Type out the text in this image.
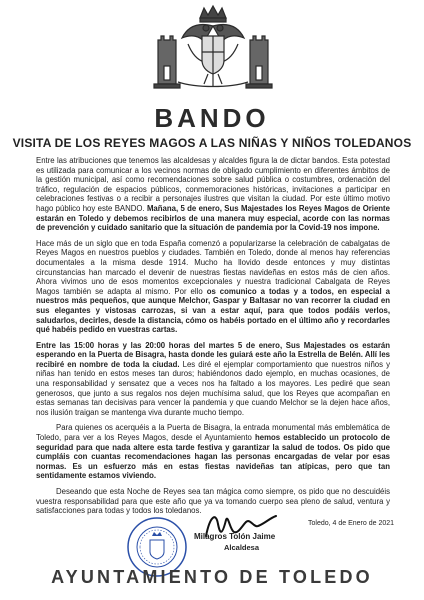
BANDO
VISITA DE LOS REYES MAGOS A LAS NIÑAS Y NIÑOS TOLEDANOS

Entre las atribuciones que tenemos las alcaldesas y alcaldes figura la de dictar bandos. Esta potestad es utilizada para comunicar a los vecinos normas de obligado cumplimiento en diferentes ámbitos de la gestión municipal, así como recomendaciones sobre salud pública o costumbres, ordenación del tráfico, regulación de espacios públicos, conmemoraciones históricas, invitaciones a participar en celebraciones festivas o a recibir a personajes ilustres que visitan la ciudad. Por este último motivo hago público hoy este BANDO. Mañana, 5 de enero, Sus Majestades los Reyes Magos de Oriente estarán en Toledo y debemos recibirlos de una manera muy especial, acorde con las normas de prevención y cuidado sanitario que la situación de pandemia por la Covid-19 nos impone.

Hace más de un siglo que en toda España comenzó a popularizarse la celebración de cabalgatas de Reyes Magos en nuestros pueblos y ciudades. También en Toledo, donde al menos hay referencias documentales a la misma desde 1914. Mucho ha llovido desde entonces y muy distintas circunstancias han marcado el devenir de nuestras fiestas navideñas en estos más de cien años. Ahora vivimos uno de esos momentos excepcionales y nuestra tradicional Cabalgata de Reyes Magos también se adapta al mismo. Por ello os comunico a todas y a todos, en especial a nuestros más pequeños, que aunque Melchor, Gaspar y Baltasar no van recorrer la ciudad en sus elegantes y vistosas carrozas, si van a estar aquí, para que todos podáis verlos, saludarlos, decirles, desde la distancia, cómo os habéis portado en el último año y recordarles qué habéis pedido en vuestras cartas.

Entre las 15:00 horas y las 20:00 horas del martes 5 de enero, Sus Majestades os estarán esperando en la Puerta de Bisagra, hasta donde les guiará este año la Estrella de Belén. Allí les recibiré en nombre de toda la ciudad. Les diré el ejemplar comportamiento que nuestros niños y niñas han tenido en estos meses tan duros; habiéndonos dado ejemplo, en muchas ocasiones, de una responsabilidad y sensatez que a veces nos ha faltado a los mayores. Les pediré que sean generosos, que junto a sus regalos nos dejen muchísima salud, que los Reyes que acompañan en estas semanas tan decisivas para vencer la pandemia y que cuando Melchor se la dejen hace años, nos ilusión traigan se mantenga viva durante mucho tiempo.

Para quienes os acerquéis a la Puerta de Bisagra, la entrada monumental más emblemática de Toledo, para ver a los Reyes Magos, desde el Ayuntamiento hemos establecido un protocolo de seguridad para que nada altere esta tarde festiva y garantizar la salud de todos. Os pido que cumpláis con cuantas recomendaciones hagan las personas encargadas de velar por esas normas. Es un esfuerzo más en estas fiestas navideñas tan atípicas, pero que tan sentidamente estamos viviendo.

Deseando que esta Noche de Reyes sea tan mágica como siempre, os pido que no descuidéis vuestra responsabilidad para que este año que ya va tomando cuerpo sea pleno de salud, ventura y satisfacciones para todas y todos los toledanos.

Toledo, 4 de Enero de 2021
Milagros Tolón Jaime
Alcaldesa
AYUNTAMIENTO DE TOLEDO
